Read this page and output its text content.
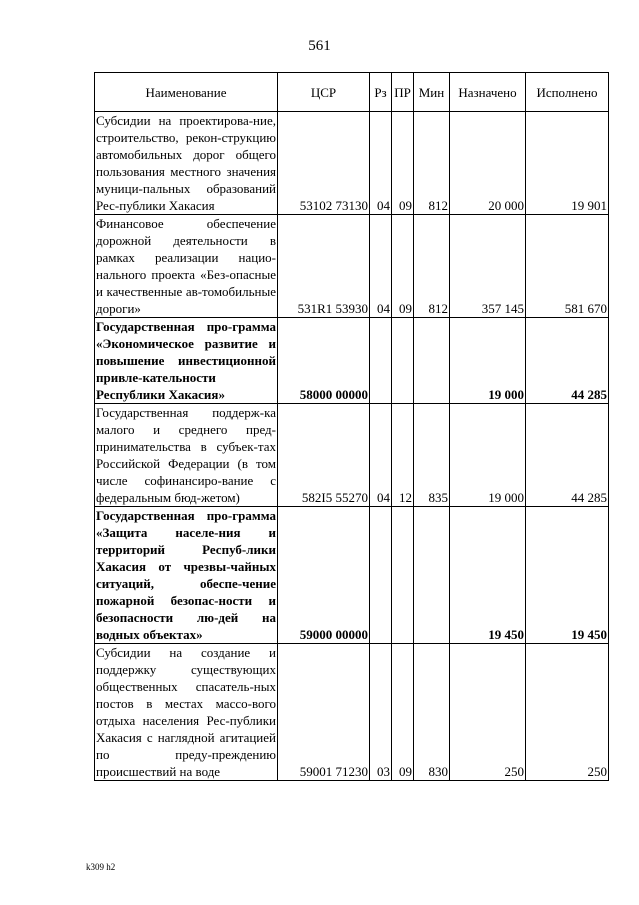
561
Наименование	ЦСР	Рз	ПР	Мин	Назначено	Исполнено
Субсидии на проектирова-ние, строительство, рекон-струкцию автомобильных дорог общего пользования местного значения муници-пальных образований Рес-публики Хакасия	53102 73130	04	09	812	20 000	19 901
Финансовое обеспечение дорожной деятельности в рамках реализации нацио-нального проекта «Без-опасные и качественные ав-томобильные дороги»	531R1 53930	04	09	812	357 145	581 670
Государственная про-грамма «Экономическое развитие и повышение инвестиционной привле-кательности Республики Хакасия»	58000 00000				19 000	44 285
Государственная поддерж-ка малого и среднего пред-принимательства в субъек-тах Российской Федерации (в том числе софинансиро-вание с федеральным бюд-жетом)	582I5 55270	04	12	835	19 000	44 285
Государственная про-грамма «Защита населе-ния и территорий Респуб-лики Хакасия от чрезвы-чайных ситуаций, обеспе-чение пожарной безопас-ности и безопасности лю-дей на водных объектах»	59000 00000				19 450	19 450
Субсидии на создание и поддержку существующих общественных спасатель-ных постов в местах массо-вого отдыха населения Рес-публики Хакасия с наглядной агитацией по преду-преждению происшествий на воде	59001 71230	03	09	830	250	250
k309 h2
